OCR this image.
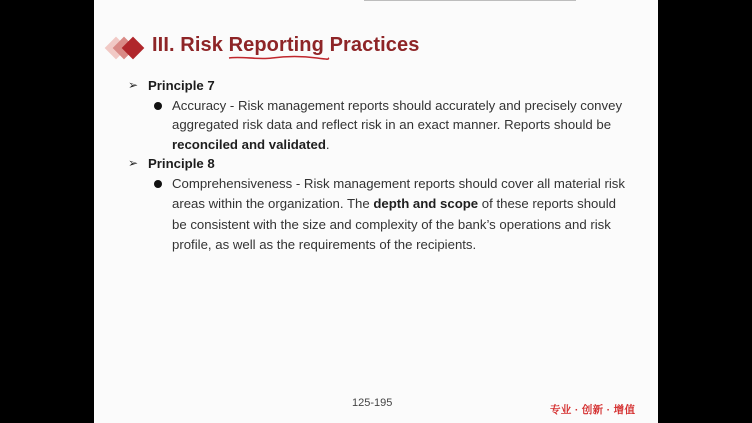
III. Risk Reporting
Practices
➢ Principle 7
Accuracy - Risk management reports should accurately and precisely convey aggregated risk data and reflect risk in an exact manner. Reports should be reconciled and validated.
➢ Principle 8
Comprehensiveness - Risk management reports should cover all material risk areas within the organization. The depth and scope of these reports should be consistent with the size and complexity of the bank’s operations and risk profile, as well as the requirements of the recipients.
125-195
专业 · 创新 · 增值
